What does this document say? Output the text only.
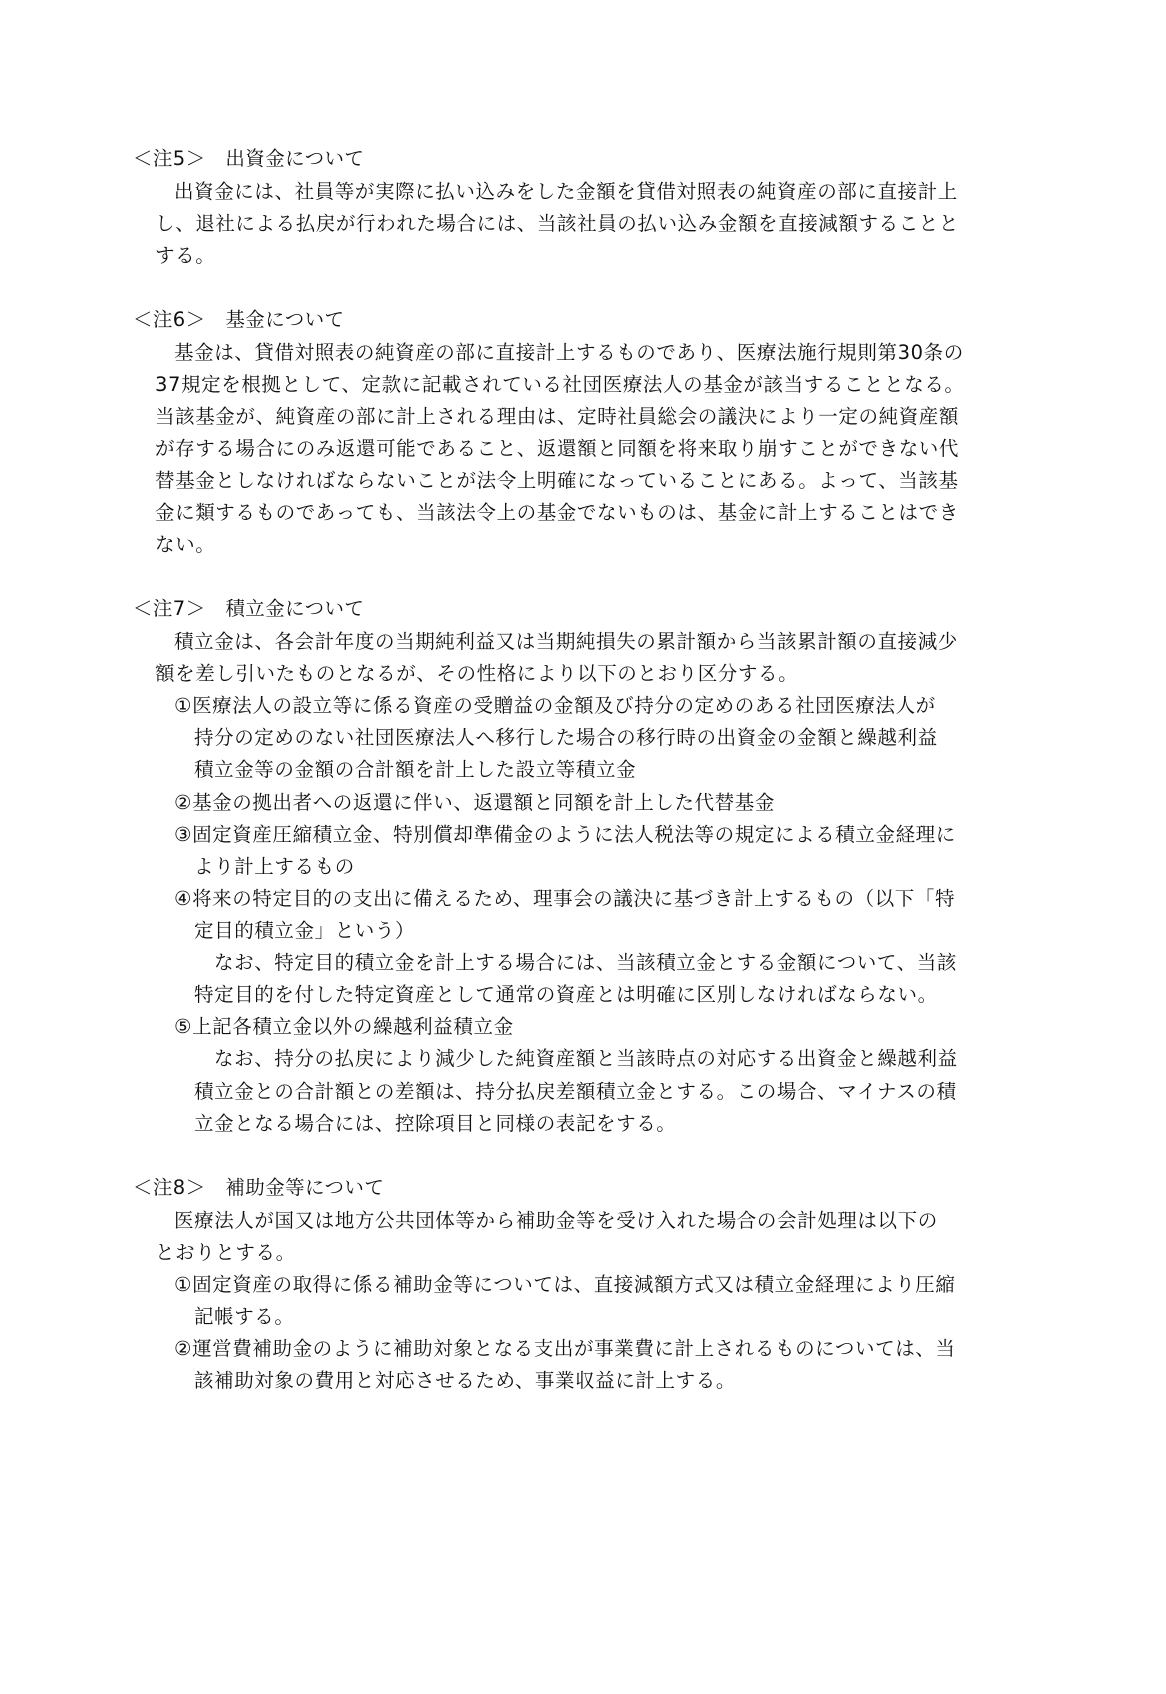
＜注5＞　出資金について
出資金には、社員等が実際に払い込みをした金額を貸借対照表の純資産の部に直接計上
し、退社による払戻が行われた場合には、当該社員の払い込み金額を直接減額することと
する。
＜注6＞　基金について
基金は、貸借対照表の純資産の部に直接計上するものであり、医療法施行規則第30条の
37規定を根拠として、定款に記載されている社団医療法人の基金が該当することとなる。
当該基金が、純資産の部に計上される理由は、定時社員総会の議決により一定の純資産額
が存する場合にのみ返還可能であること、返還額と同額を将来取り崩すことができない代
替基金としなければならないことが法令上明確になっていることにある。よって、当該基
金に類するものであっても、当該法令上の基金でないものは、基金に計上することはでき
ない。
＜注7＞　積立金について
積立金は、各会計年度の当期純利益又は当期純損失の累計額から当該累計額の直接減少
額を差し引いたものとなるが、その性格により以下のとおり区分する。
①医療法人の設立等に係る資産の受贈益の金額及び持分の定めのある社団医療法人が
持分の定めのない社団医療法人へ移行した場合の移行時の出資金の金額と繰越利益
積立金等の金額の合計額を計上した設立等積立金
②基金の拠出者への返還に伴い、返還額と同額を計上した代替基金
③固定資産圧縮積立金、特別償却準備金のように法人税法等の規定による積立金経理に
より計上するもの
④将来の特定目的の支出に備えるため、理事会の議決に基づき計上するもの（以下「特
定目的積立金」という）
なお、特定目的積立金を計上する場合には、当該積立金とする金額について、当該
特定目的を付した特定資産として通常の資産とは明確に区別しなければならない。
⑤上記各積立金以外の繰越利益積立金
なお、持分の払戻により減少した純資産額と当該時点の対応する出資金と繰越利益
積立金との合計額との差額は、持分払戻差額積立金とする。この場合、マイナスの積
立金となる場合には、控除項目と同様の表記をする。
＜注8＞　補助金等について
医療法人が国又は地方公共団体等から補助金等を受け入れた場合の会計処理は以下の
とおりとする。
①固定資産の取得に係る補助金等については、直接減額方式又は積立金経理により圧縮
記帳する。
②運営費補助金のように補助対象となる支出が事業費に計上されるものについては、当
該補助対象の費用と対応させるため、事業収益に計上する。
